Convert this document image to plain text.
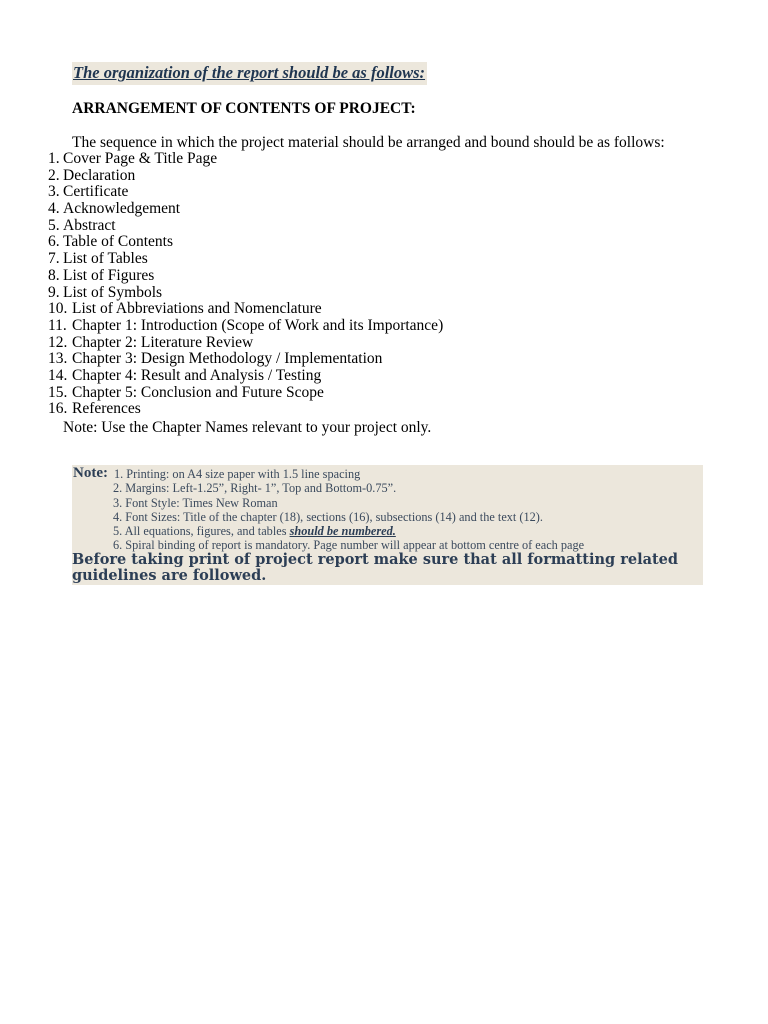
The organization of the report should be as follows:
ARRANGEMENT OF CONTENTS OF PROJECT:
The sequence in which the project material should be arranged and bound should be as follows:
1. Cover Page & Title Page
2. Declaration
3. Certificate
4. Acknowledgement
5. Abstract
6. Table of Contents
7. List of Tables
8. List of Figures
9. List of Symbols
10. List of Abbreviations and Nomenclature
11. Chapter 1: Introduction (Scope of Work and its Importance)
12. Chapter 2: Literature Review
13. Chapter 3: Design Methodology / Implementation
14. Chapter 4: Result and Analysis / Testing
15. Chapter 5: Conclusion and Future Scope
16. References
Note: Use the Chapter Names relevant to your project only.
Note: 1. Printing: on A4 size paper with 1.5 line spacing
2. Margins: Left-1.25”, Right- 1”, Top and Bottom-0.75”.
3. Font Style: Times New Roman
4. Font Sizes: Title of the chapter (18), sections (16), subsections (14) and the text (12).
5. All equations, figures, and tables should be numbered.
6. Spiral binding of report is mandatory. Page number will appear at bottom centre of each page
Before taking print of project report make sure that all formatting related guidelines are followed.
